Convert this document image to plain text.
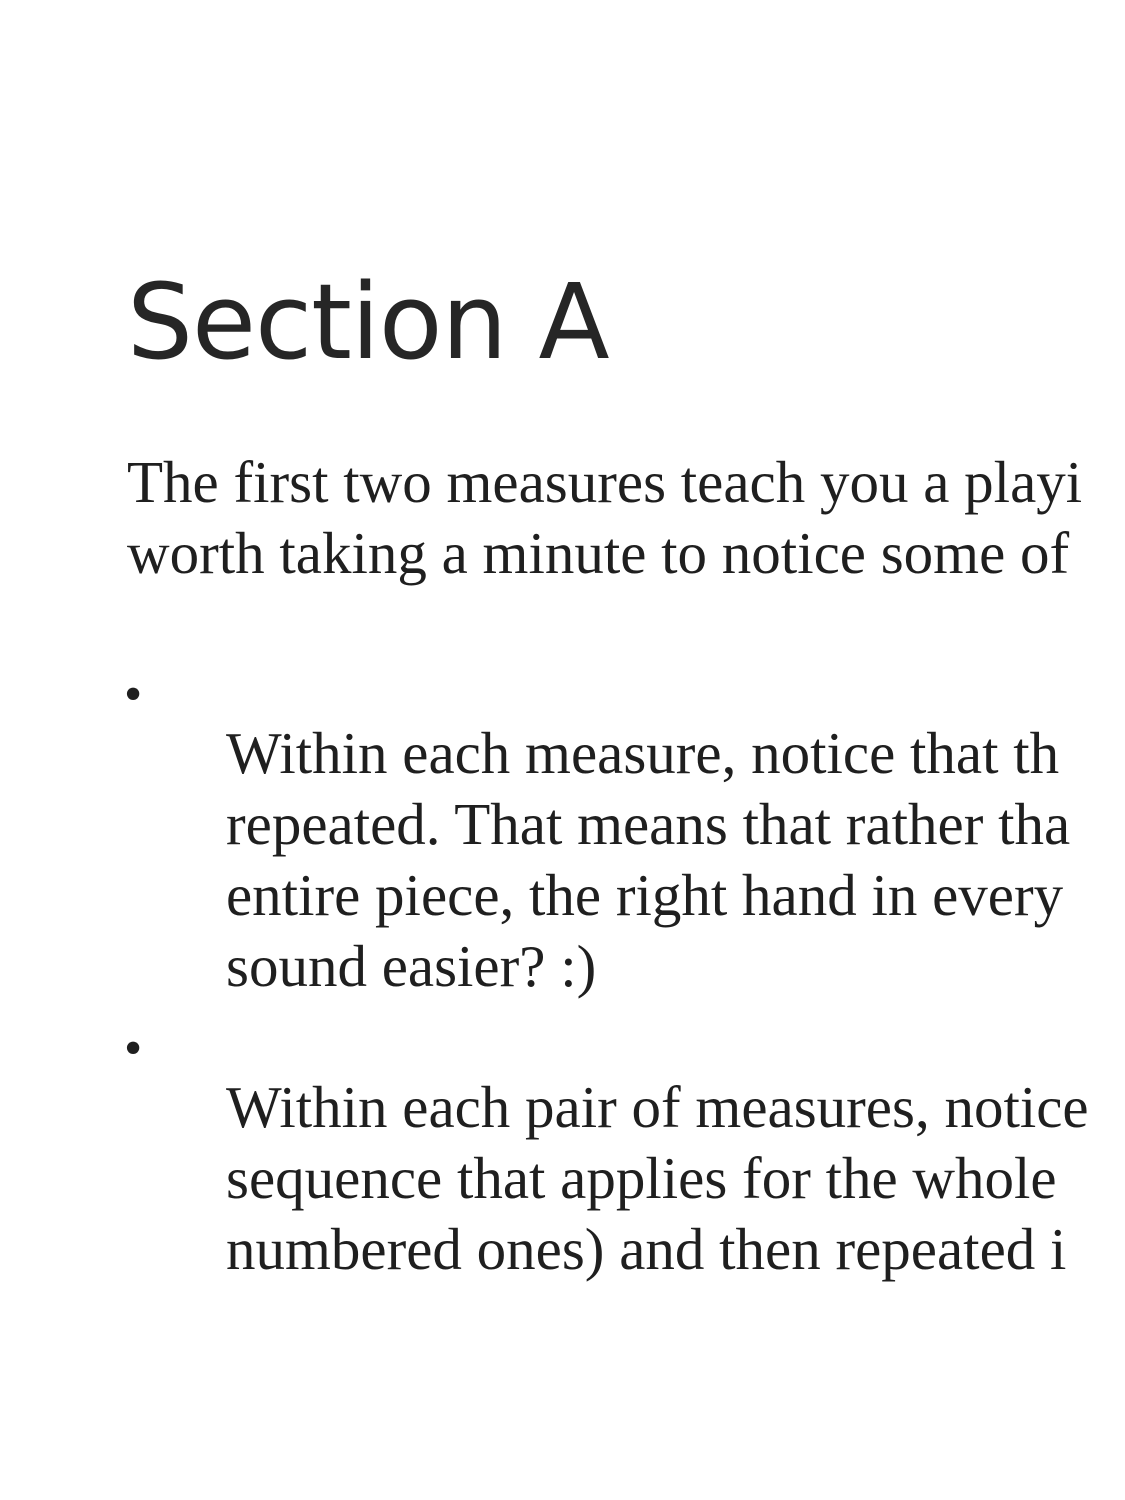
Section A

The first two measures teach you a playi
worth taking a minute to notice some of

•

Within each measure, notice that th
repeated. That means that rather tha
entire piece, the right hand in every
sound easier? :)

•

Within each pair of measures, notice
sequence that applies for the whole
numbered ones) and then repeated i
